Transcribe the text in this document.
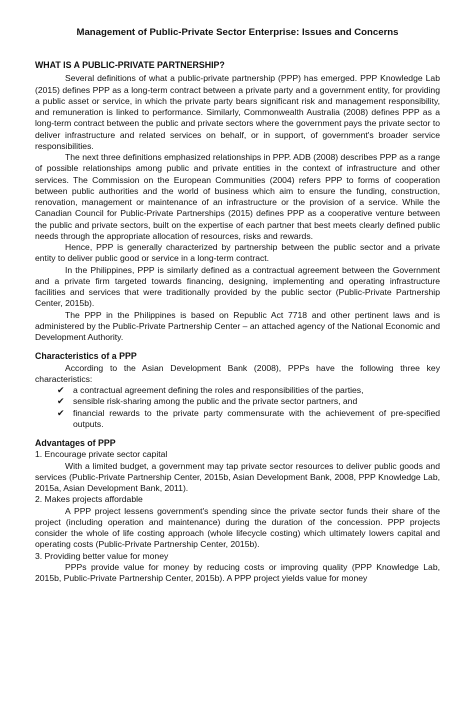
Management of Public-Private Sector Enterprise: Issues and Concerns

WHAT IS A PUBLIC-PRIVATE PARTNERSHIP?

Several definitions of what a public-private partnership (PPP) has emerged. PPP Knowledge Lab (2015) defines PPP as a long-term contract between a private party and a government entity, for providing a public asset or service, in which the private party bears significant risk and management responsibility, and remuneration is linked to performance. Similarly, Commonwealth Australia (2008) defines PPP as a long-term contract between the public and private sectors where the government pays the private sector to deliver infrastructure and related services on behalf, or in support, of government's broader service responsibilities.

The next three definitions emphasized relationships in PPP. ADB (2008) describes PPP as a range of possible relationships among public and private entities in the context of infrastructure and other services. The Commission on the European Communities (2004) refers PPP to forms of cooperation between public authorities and the world of business which aim to ensure the funding, construction, renovation, management or maintenance of an infrastructure or the provision of a service. While the Canadian Council for Public-Private Partnerships (2015) defines PPP as a cooperative venture between the public and private sectors, built on the expertise of each partner that best meets clearly defined public needs through the appropriate allocation of resources, risks and rewards.

Hence, PPP is generally characterized by partnership between the public sector and a private entity to deliver public good or service in a long-term contract.

In the Philippines, PPP is similarly defined as a contractual agreement between the Government and a private firm targeted towards financing, designing, implementing and operating infrastructure facilities and services that were traditionally provided by the public sector (Public-Private Partnership Center, 2015b).

The PPP in the Philippines is based on Republic Act 7718 and other pertinent laws and is administered by the Public-Private Partnership Center – an attached agency of the National Economic and Development Authority.

Characteristics of a PPP

According to the Asian Development Bank (2008), PPPs have the following three key characteristics:

✔ a contractual agreement defining the roles and responsibilities of the parties,
✔ sensible risk-sharing among the public and the private sector partners, and
✔ financial rewards to the private party commensurate with the achievement of pre-specified outputs.

Advantages of PPP

1. Encourage private sector capital

With a limited budget, a government may tap private sector resources to deliver public goods and services (Public-Private Partnership Center, 2015b, Asian Development Bank, 2008, PPP Knowledge Lab, 2015a, Asian Development Bank, 2011).

2. Makes projects affordable

A PPP project lessens government's spending since the private sector funds their share of the project (including operation and maintenance) during the duration of the concession. PPP projects consider the whole of life costing approach (whole lifecycle costing) which ultimately lowers capital and operating costs (Public-Private Partnership Center, 2015b).

3. Providing better value for money

PPPs provide value for money by reducing costs or improving quality (PPP Knowledge Lab, 2015b, Public-Private Partnership Center, 2015b). A PPP project yields value for money
